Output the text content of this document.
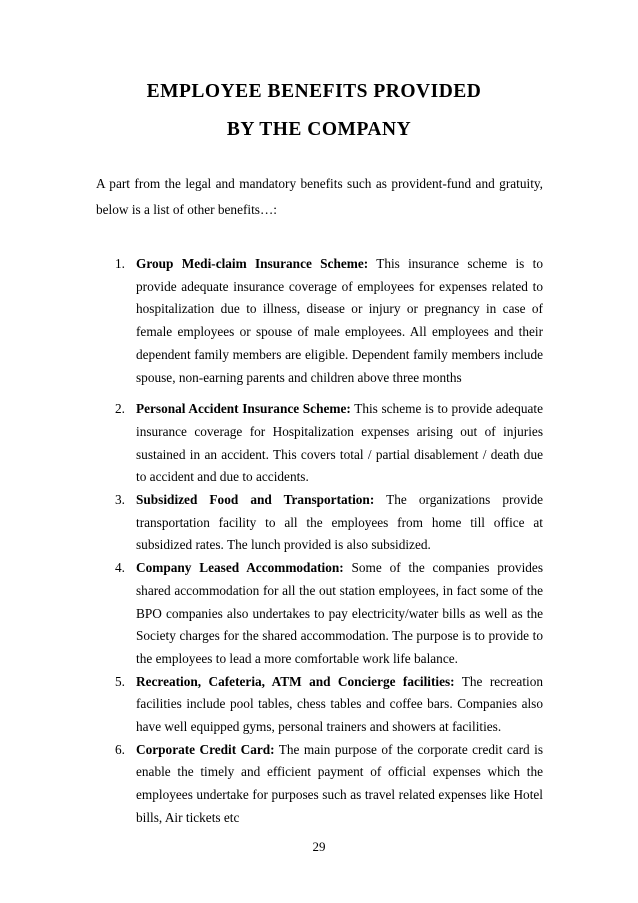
EMPLOYEE BENEFITS PROVIDED
BY THE COMPANY

A part from the legal and mandatory benefits such as provident-fund and gratuity, below is a list of other benefits…:

1. Group Medi-claim Insurance Scheme: This insurance scheme is to provide adequate insurance coverage of employees for expenses related to hospitalization due to illness, disease or injury or pregnancy in case of female employees or spouse of male employees. All employees and their dependent family members are eligible. Dependent family members include spouse, non-earning parents and children above three months
2. Personal Accident Insurance Scheme: This scheme is to provide adequate insurance coverage for Hospitalization expenses arising out of injuries sustained in an accident. This covers total / partial disablement / death due to accident and due to accidents.
3. Subsidized Food and Transportation: The organizations provide transportation facility to all the employees from home till office at subsidized rates. The lunch provided is also subsidized.
4. Company Leased Accommodation: Some of the companies provides shared accommodation for all the out station employees, in fact some of the BPO companies also undertakes to pay electricity/water bills as well as the Society charges for the shared accommodation. The purpose is to provide to the employees to lead a more comfortable work life balance.
5. Recreation, Cafeteria, ATM and Concierge facilities: The recreation facilities include pool tables, chess tables and coffee bars. Companies also have well equipped gyms, personal trainers and showers at facilities.
6. Corporate Credit Card: The main purpose of the corporate credit card is enable the timely and efficient payment of official expenses which the employees undertake for purposes such as travel related expenses like Hotel bills, Air tickets etc

29
